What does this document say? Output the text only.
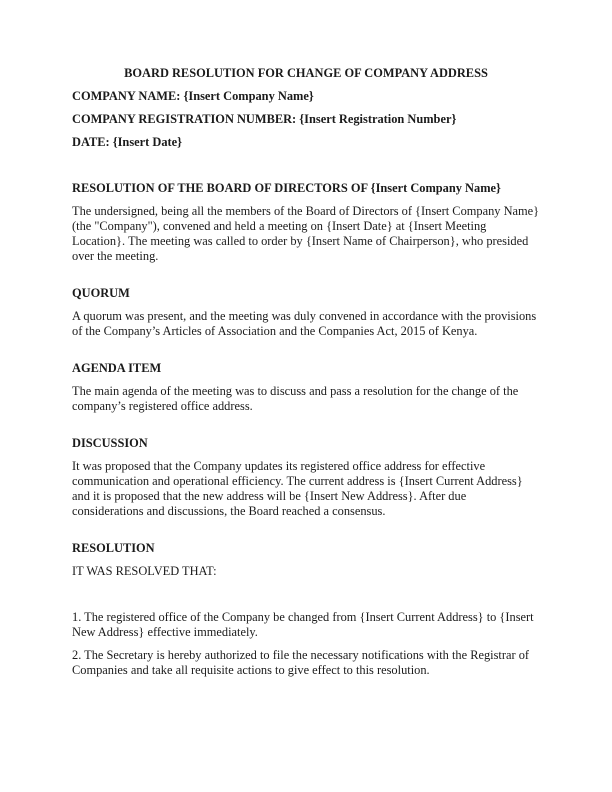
BOARD RESOLUTION FOR CHANGE OF COMPANY ADDRESS

COMPANY NAME: {Insert Company Name}

COMPANY REGISTRATION NUMBER: {Insert Registration Number}

DATE: {Insert Date}

RESOLUTION OF THE BOARD OF DIRECTORS OF {Insert Company Name}

The undersigned, being all the members of the Board of Directors of {Insert Company Name} (the "Company"), convened and held a meeting on {Insert Date} at {Insert Meeting Location}. The meeting was called to order by {Insert Name of Chairperson}, who presided over the meeting.

QUORUM

A quorum was present, and the meeting was duly convened in accordance with the provisions of the Company’s Articles of Association and the Companies Act, 2015 of Kenya.

AGENDA ITEM

The main agenda of the meeting was to discuss and pass a resolution for the change of the company’s registered office address.

DISCUSSION

It was proposed that the Company updates its registered office address for effective communication and operational efficiency. The current address is {Insert Current Address} and it is proposed that the new address will be {Insert New Address}. After due considerations and discussions, the Board reached a consensus.

RESOLUTION

IT WAS RESOLVED THAT:

1. The registered office of the Company be changed from {Insert Current Address} to {Insert New Address} effective immediately.

2. The Secretary is hereby authorized to file the necessary notifications with the Registrar of Companies and take all requisite actions to give effect to this resolution.
